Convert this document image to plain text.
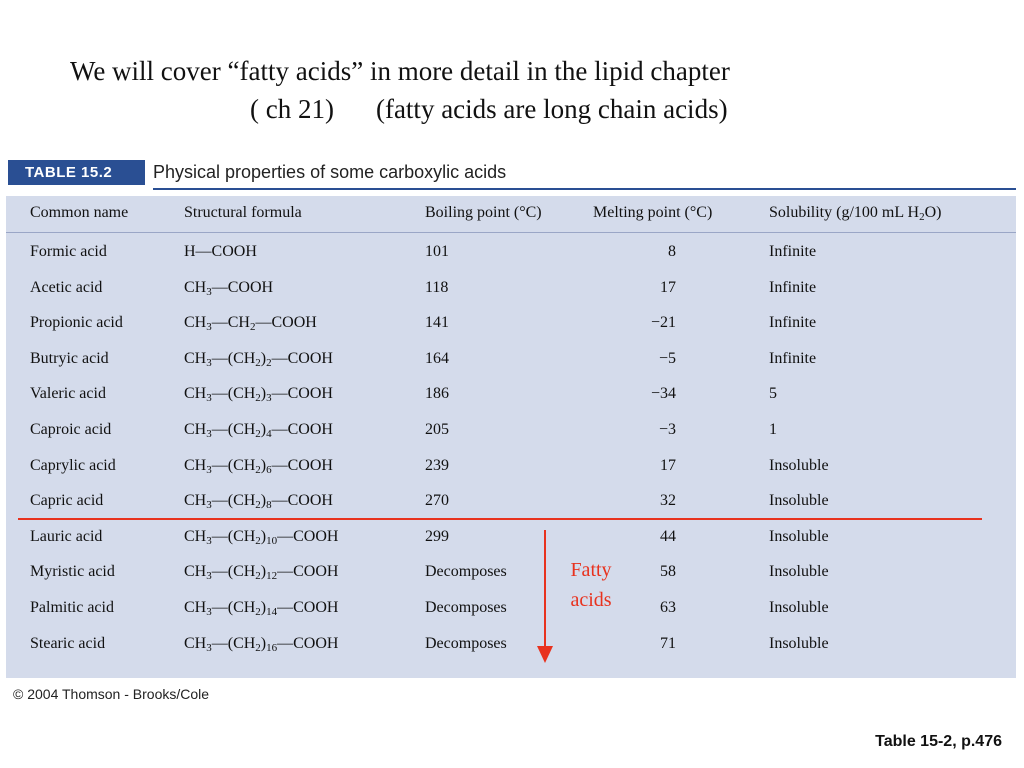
We will cover “fatty acids” in more detail in the lipid chapter
( ch 21) (fatty acids are long chain acids)
TABLE 15.2	Physical properties of some carboxylic acids
Common name	Structural formula	Boiling point (°C)	Melting point (°C)	Solubility (g/100 mL $H_2O$)
Formic acid	H—COOH	101	8	Infinite
Acetic acid	$CH_3—COOH$	118	17	Infinite
Propionic acid	$CH_3—CH_2—COOH$	141	−21	Infinite
Butryic acid	$CH_3—(CH_2)_2—COOH$	164	−5	Infinite
Valeric acid	$CH_3—(CH_2)_3—COOH$	186	−34	5
Caproic acid	$CH_3—(CH_2)_4—COOH$	205	−3	1
Caprylic acid	$CH_3—(CH_2)_6—COOH$	239	17	Insoluble
Capric acid	$CH_3—(CH_2)_8—COOH$	270	32	Insoluble
Lauric acid	$CH_3—(CH_2)_{10}—COOH$	299	44	Insoluble
Myristic acid	$CH_3—(CH_2)_{12}—COOH$	Decomposes	58	Insoluble
Palmitic acid	$CH_3—(CH_2)_{14}—COOH$	Decomposes	63	Insoluble
Stearic acid	$CH_3—(CH_2)_{16}—COOH$	Decomposes	71	Insoluble
Fatty
acids
© 2004 Thomson - Brooks/Cole
Table 15-2, p.476
